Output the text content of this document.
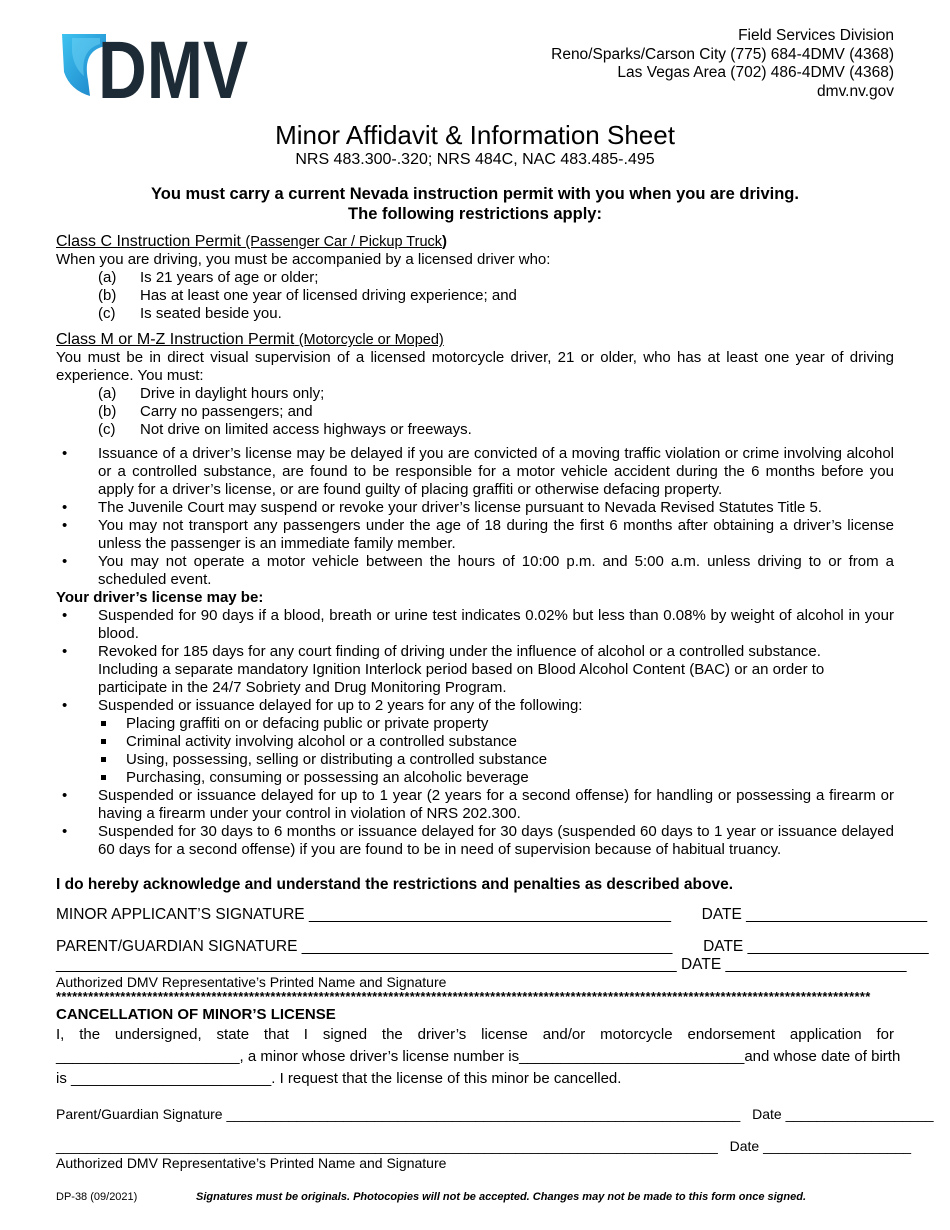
DMV	Field Services Division
Reno/Sparks/Carson City (775) 684-4DMV (4368)
Las Vegas Area (702) 486-4DMV (4368)
dmv.nv.gov
Minor Affidavit & Information Sheet
NRS 483.300-.320; NRS 484C, NAC 483.485-.495
You must carry a current Nevada instruction permit with you when you are driving.
The following restrictions apply:
Class C Instruction Permit (Passenger Car / Pickup Truck)
When you are driving, you must be accompanied by a licensed driver who:
(a) Is 21 years of age or older;
(b) Has at least one year of licensed driving experience; and
(c) Is seated beside you.
Class M or M-Z Instruction Permit (Motorcycle or Moped)
You must be in direct visual supervision of a licensed motorcycle driver, 21 or older, who has at least one year of driving experience. You must:
(a) Drive in daylight hours only;
(b) Carry no passengers; and
(c) Not drive on limited access highways or freeways.
• Issuance of a driver’s license may be delayed if you are convicted of a moving traffic violation or crime involving alcohol or a controlled substance, are found to be responsible for a motor vehicle accident during the 6 months before you apply for a driver’s license, or are found guilty of placing graffiti or otherwise defacing property.
• The Juvenile Court may suspend or revoke your driver’s license pursuant to Nevada Revised Statutes Title 5.
• You may not transport any passengers under the age of 18 during the first 6 months after obtaining a driver’s license unless the passenger is an immediate family member.
• You may not operate a motor vehicle between the hours of 10:00 p.m. and 5:00 a.m. unless driving to or from a scheduled event.
Your driver’s license may be:
• Suspended for 90 days if a blood, breath or urine test indicates 0.02% but less than 0.08% by weight of alcohol in your blood.
• Revoked for 185 days for any court finding of driving under the influence of alcohol or a controlled substance.
Including a separate mandatory Ignition Interlock period based on Blood Alcohol Content (BAC) or an order to participate in the 24/7 Sobriety and Drug Monitoring Program.
• Suspended or issuance delayed for up to 2 years for any of the following:
Placing graffiti on or defacing public or private property
Criminal activity involving alcohol or a controlled substance
Using, possessing, selling or distributing a controlled substance
Purchasing, consuming or possessing an alcoholic beverage
• Suspended or issuance delayed for up to 1 year (2 years for a second offense) for handling or possessing a firearm or having a firearm under your control in violation of NRS 202.300.
• Suspended for 30 days to 6 months or issuance delayed for 30 days (suspended 60 days to 1 year or issuance delayed 60 days for a second offense) if you are found to be in need of supervision because of habitual truancy.
I do hereby acknowledge and understand the restrictions and penalties as described above.
MINOR APPLICANT’S SIGNATURE __________________________________________ DATE _____________________
PARENT/GUARDIAN SIGNATURE ___________________________________________ DATE _____________________
________________________________________________________________________ DATE _____________________
Authorized DMV Representative’s Printed Name and Signature
********************************************************************************************************************************************************
CANCELLATION OF MINOR’S LICENSE
I, the undersigned, state that I signed the driver’s license and/or motorcycle endorsement application for
______________________, a minor whose driver’s license number is ___________________________ and whose date of birth
is ________________________. I request that the license of this minor be cancelled.
Parent/Guardian Signature __________________________________________________________________ Date ___________________
_____________________________________________________________________________________ Date ___________________
Authorized DMV Representative’s Printed Name and Signature
DP-38 (09/2021)	Signatures must be originals. Photocopies will not be accepted. Changes may not be made to this form once signed.
